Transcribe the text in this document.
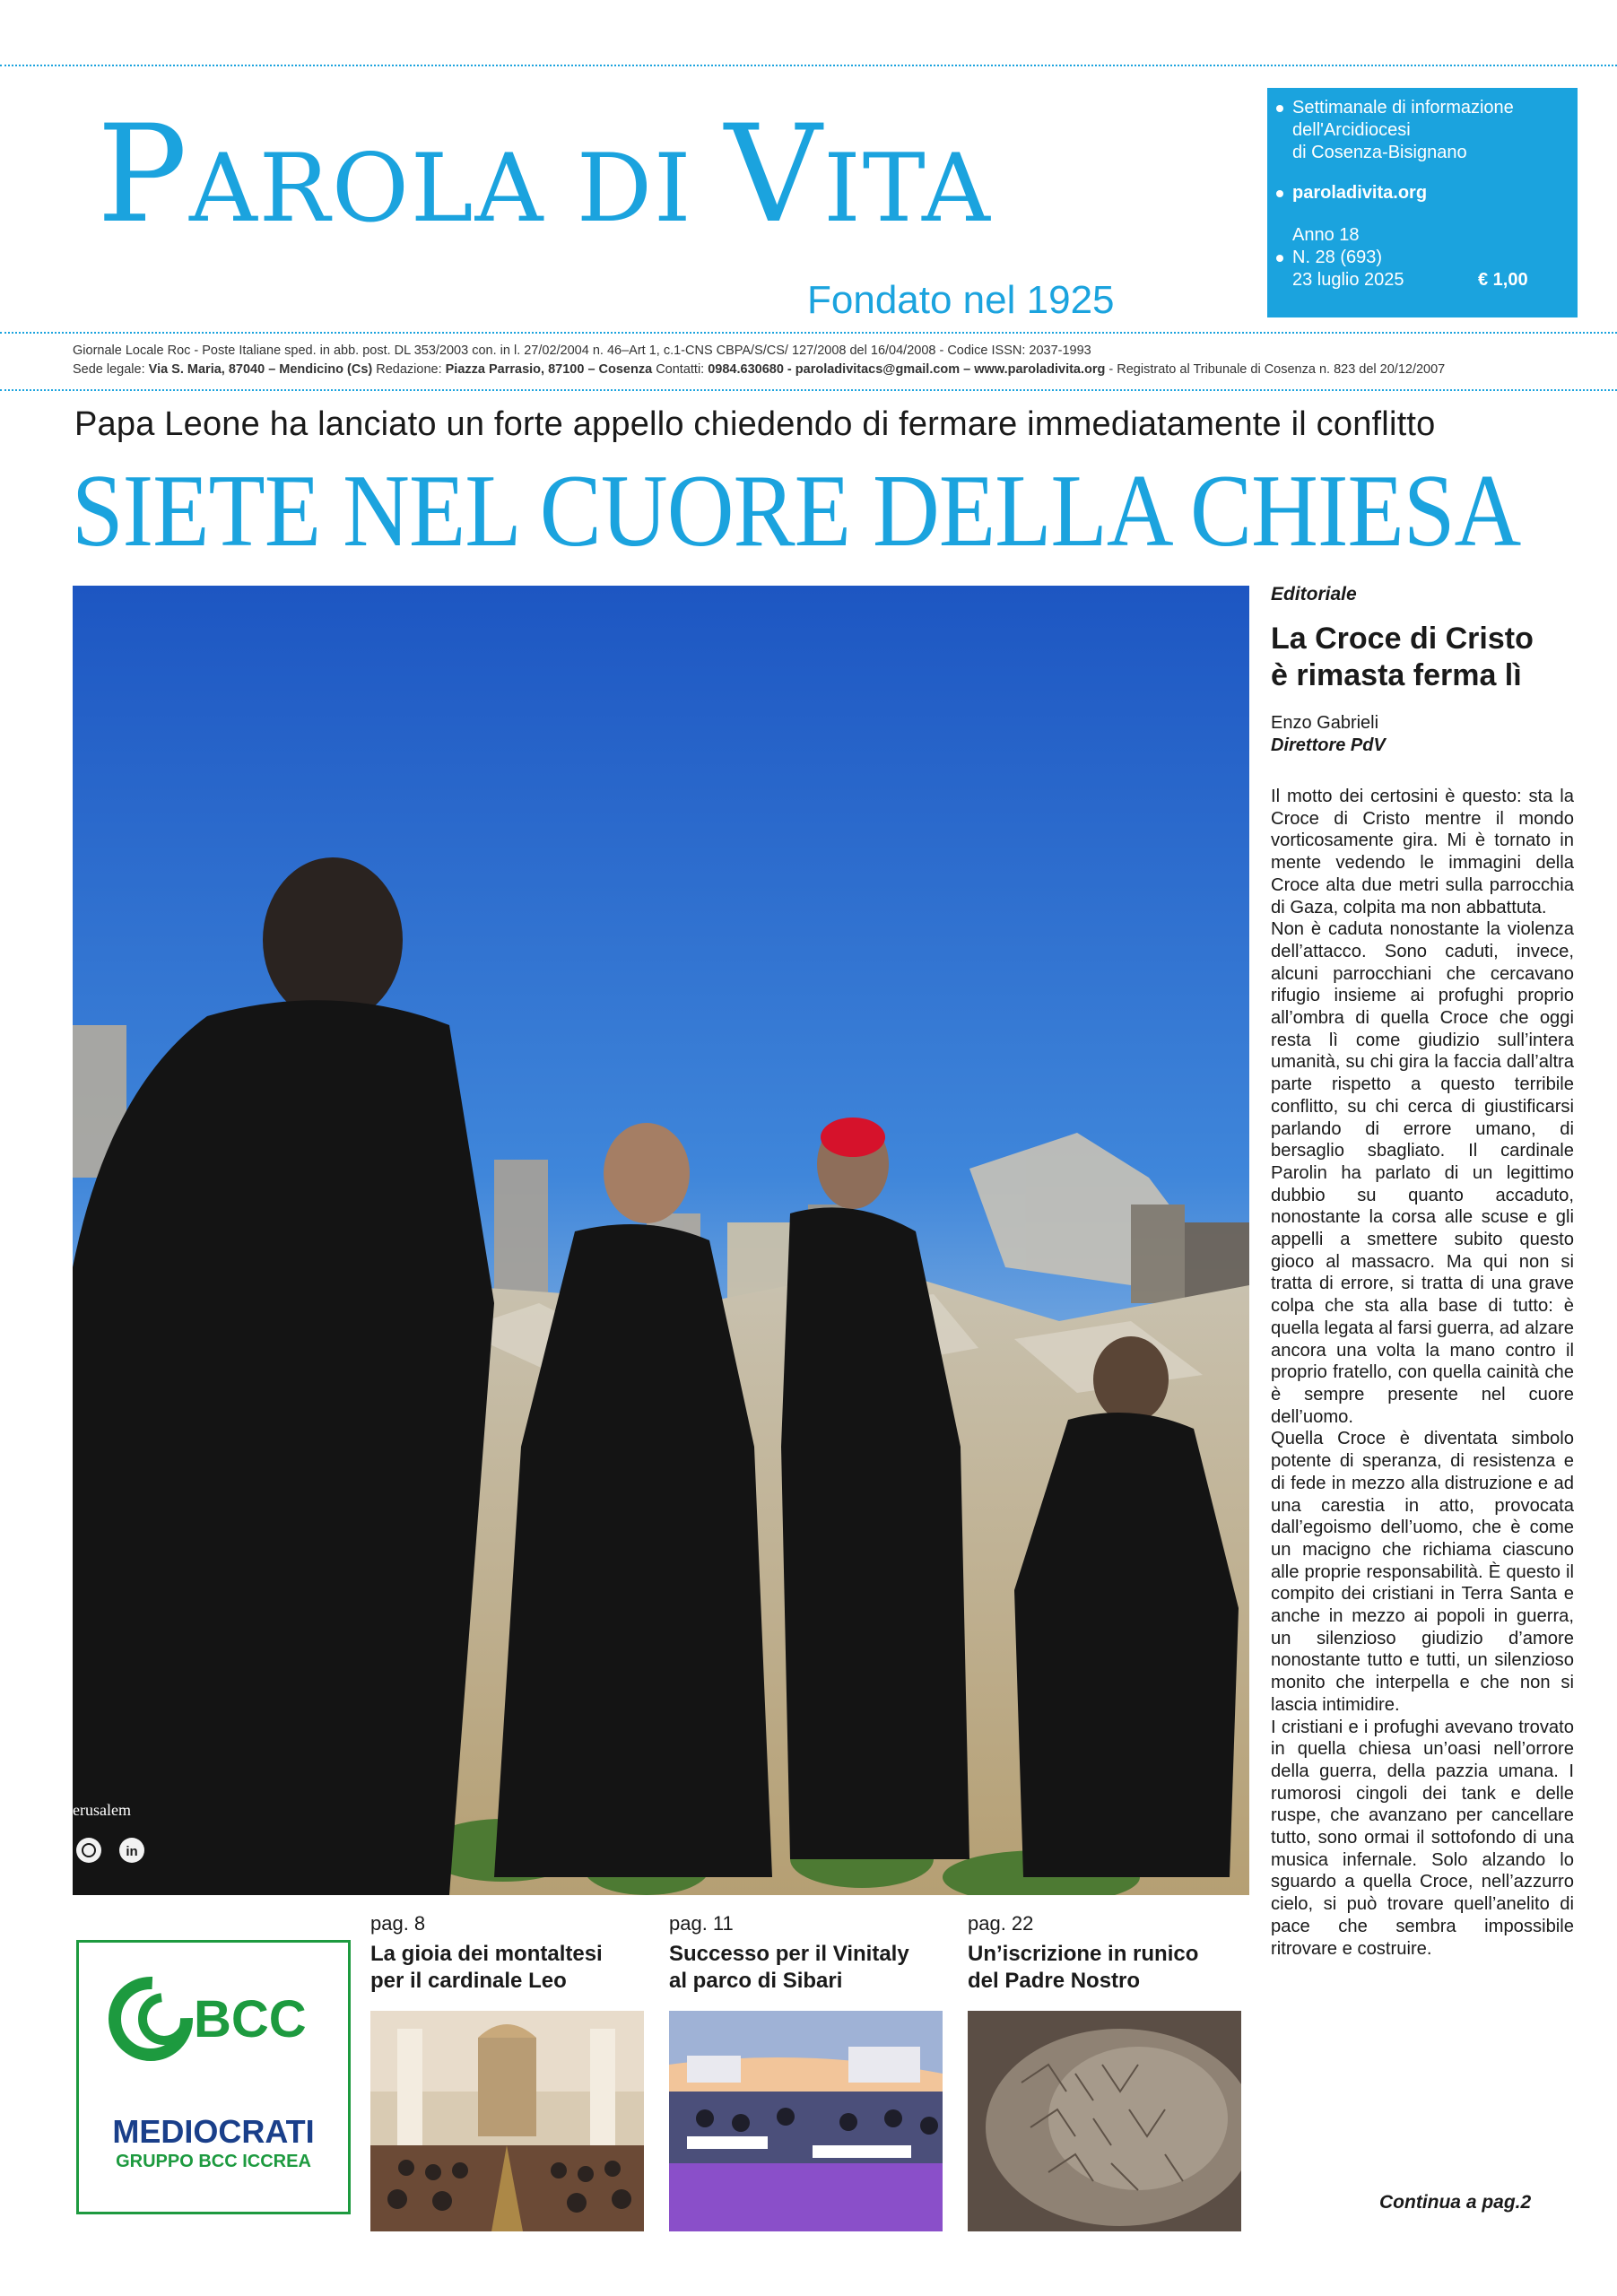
PAROLA DI VITA
Fondato nel 1925
Settimanale di informazione
dell'Arcidiocesi
di Cosenza-Bisignano
paroladivita.org
Anno 18
N. 28 (693)
23 luglio 2025	€ 1,00
Giornale Locale Roc - Poste Italiane sped. in abb. post. DL 353/2003 con. in l. 27/02/2004 n. 46–Art 1, c.1-CNS CBPA/S/CS/ 127/2008 del 16/04/2008 - Codice ISSN: 2037-1993
Sede legale: Via S. Maria, 87040 – Mendicino (Cs) Redazione: Piazza Parrasio, 87100 – Cosenza Contatti: 0984.630680 - paroladivitacs@gmail.com – www.paroladivita.org - Registrato al Tribunale di Cosenza n. 823 del 20/12/2007
Papa Leone ha lanciato un forte appello chiedendo di fermare immediatamente il conflitto
SIETE NEL CUORE DELLA CHIESA
in
erusalem
Editoriale
La Croce di Cristo
è rimasta ferma lì
Enzo Gabrieli
Direttore PdV

Il motto dei certosini è questo: sta la Croce di Cristo mentre il mondo vorticosamente gira. Mi è tornato in mente vedendo le immagini della Croce alta due metri sulla parrocchia di Gaza, colpita ma non abbattuta.

Non è caduta nonostante la violenza dell’attacco. Sono caduti, invece, alcuni parrocchiani che cercavano rifugio insieme ai profughi proprio all’ombra di quella Croce che oggi resta lì come giudizio sull’intera umanità, su chi gira la faccia dall’altra parte rispetto a questo terribile conflitto, su chi cerca di giustificarsi parlando di errore umano, di bersaglio sbagliato. Il cardinale Parolin ha parlato di un legittimo dubbio su quanto accaduto, nonostante la corsa alle scuse e gli appelli a smettere subito questo gioco al massacro. Ma qui non si tratta di errore, si tratta di una grave colpa che sta alla base di tutto: è quella legata al farsi guerra, ad alzare ancora una volta la mano contro il proprio fratello, con quella cainità che è sempre presente nel cuore dell’uomo.

Quella Croce è diventata simbolo potente di speranza, di resistenza e di fede in mezzo alla distruzione e ad una carestia in atto, provocata dall’egoismo dell’uomo, che è come un macigno che richiama ciascuno alle proprie responsabilità. È questo il compito dei cristiani in Terra Santa e anche in mezzo ai popoli in guerra, un silenzioso giudizio d’amore nonostante tutto e tutti, un silenzioso monito che interpella e che non si lascia intimidire.

I cristiani e i profughi avevano trovato in quella chiesa un’oasi nell’orrore della guerra, della pazzia umana. I rumorosi cingoli dei tank e delle ruspe, che avanzano per cancellare tutto, sono ormai il sottofondo di una musica infernale. Solo alzando lo sguardo a quella Croce, nell’azzurro cielo, si può trovare quell’anelito di pace che sembra impossibile ritrovare e costruire.

Continua a pag.2
BCC
MEDIOCRATI
GRUPPO BCC ICCREA
pag. 8
La gioia dei montaltesi
per il cardinale Leo
pag. 11
Successo per il Vinitaly
al parco di Sibari
pag. 22
Un’iscrizione in runico
del Padre Nostro
